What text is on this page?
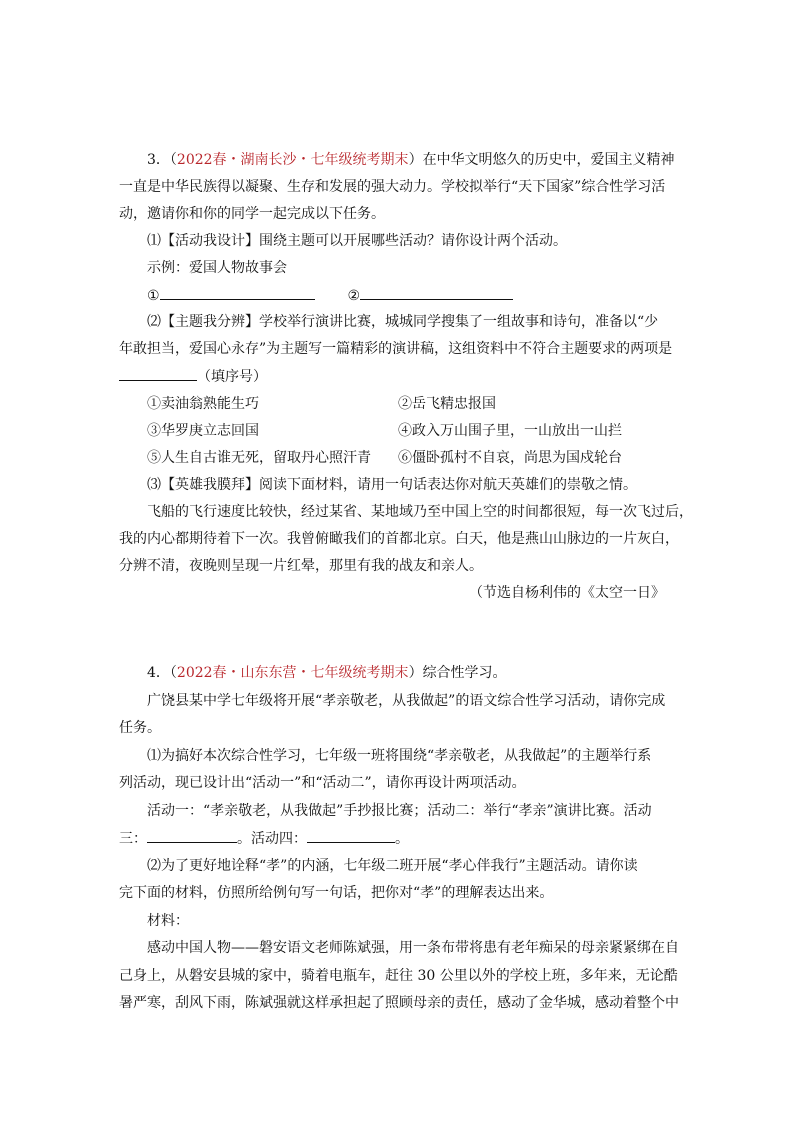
3．（2022春・湖南长沙・七年级统考期末）在中华文明悠久的历史中，爱国主义精神
一直是中华民族得以凝聚、生存和发展的强大动力。学校拟举行“天下国家”综合性学习活
动，邀请你和你的同学一起完成以下任务。
⑴【活动我设计】围绕主题可以开展哪些活动？请你设计两个活动。
示例：爱国人物故事会
①	②
⑵【主题我分辨】学校举行演讲比赛，城城同学搜集了一组故事和诗句，准备以“少
年敢担当，爱国心永存”为主题写一篇精彩的演讲稿，这组资料中不符合主题要求的两项是
（填序号）
①卖油翁熟能生巧	②岳飞精忠报国
③华罗庚立志回国	④政入万山围子里，一山放出一山拦
⑤人生自古谁无死，留取丹心照汗青 ⑥僵卧孤村不自哀，尚思为国戍轮台
⑶【英雄我膜拜】阅读下面材料，请用一句话表达你对航天英雄们的崇敬之情。
飞船的飞行速度比较快，经过某省、某地域乃至中国上空的时间都很短，每一次飞过后，
我的内心都期待着下一次。我曾俯瞰我们的首都北京。白天，他是燕山山脉边的一片灰白，
分辨不清，夜晚则呈现一片红晕，那里有我的战友和亲人。
（节选自杨利伟的《太空一日》
4．（2022春・山东东营・七年级统考期末）综合性学习。
广饶县某中学七年级将开展“孝亲敬老，从我做起”的语文综合性学习活动，请你完成
任务。
⑴为搞好本次综合性学习，七年级一班将围绕“孝亲敬老，从我做起”的主题举行系
列活动，现已设计出“活动一”和“活动二”，请你再设计两项活动。
活动一：“孝亲敬老，从我做起”手抄报比赛；活动二：举行“孝亲”演讲比赛。活动
三：	。活动四：	。
⑵为了更好地诠释“孝”的内涵，七年级二班开展“孝心伴我行”主题活动。请你读
完下面的材料，仿照所给例句写一句话，把你对“孝”的理解表达出来。
材料：
感动中国人物——磐安语文老师陈斌强，用一条布带将患有老年痴呆的母亲紧紧绑在自
己身上，从磐安县城的家中，骑着电瓶车，赶往 30 公里以外的学校上班，多年来，无论酷
暑严寒，刮风下雨，陈斌强就这样承担起了照顾母亲的责任，感动了金华城，感动着整个中
